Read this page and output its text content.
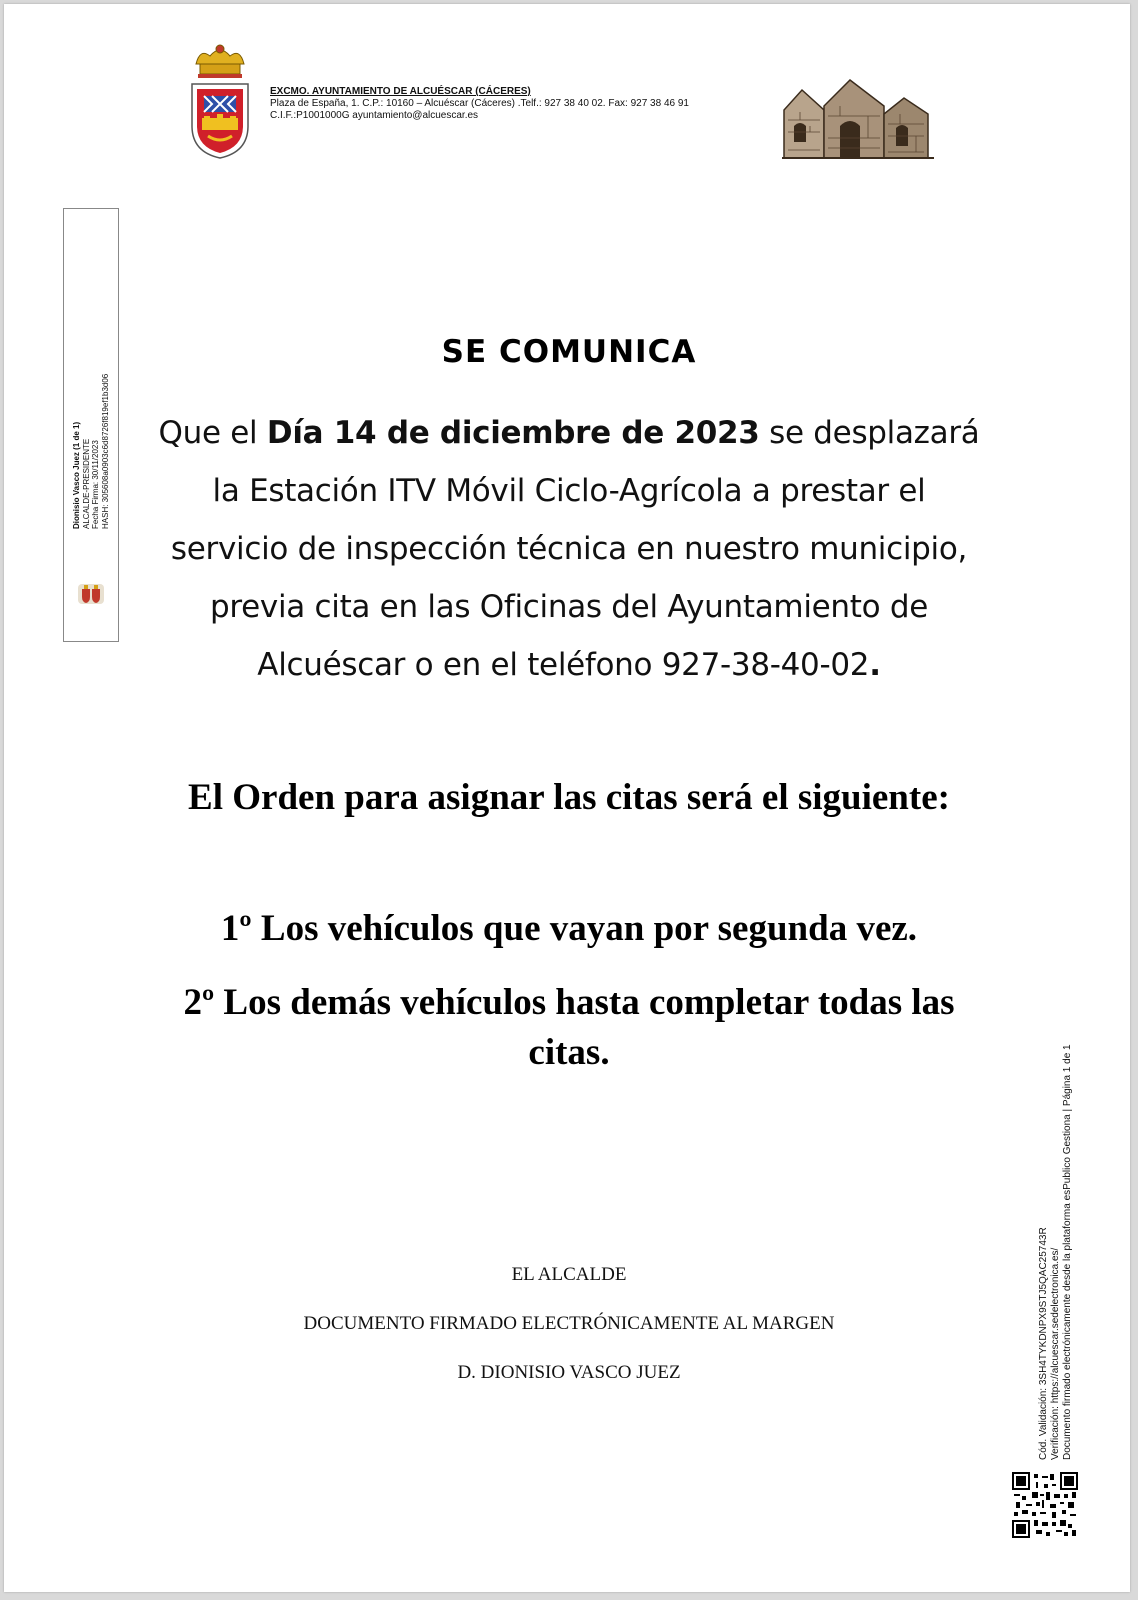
EXCMO. AYUNTAMIENTO DE ALCUÉSCAR (CÁCERES)
Plaza de España, 1. C.P.: 10160 – Alcuéscar (Cáceres) .Telf.: 927 38 40 02. Fax: 927 38 46 91
C.I.F.:P1001000G ayuntamiento@alcuescar.es
Dionisio Vasco Juez (1 de 1) ALCALDE-PRESIDENTE Fecha Firma: 30/11/2023 HASH: 305608a0903c6d8726f819ef1b3d06
SE COMUNICA
Que el Día 14 de diciembre de 2023 se desplazará la Estación ITV Móvil Ciclo-Agrícola a prestar el servicio de inspección técnica en nuestro municipio, previa cita en las Oficinas del Ayuntamiento de Alcuéscar o en el teléfono 927-38-40-02.
El Orden para asignar las citas será el siguiente:
1º Los vehículos que vayan por segunda vez.
2º Los demás vehículos hasta completar todas las citas.
EL ALCALDE
DOCUMENTO FIRMADO ELECTRÓNICAMENTE AL MARGEN
D. DIONISIO VASCO JUEZ	Cód. Validación: 3SH4TYKDNPX9STJ5QAC25743R Verificación: https://alcuescar.sedelectronica.es/ Documento firmado electrónicamente desde la plataforma esPublico Gestiona | Página 1 de 1
